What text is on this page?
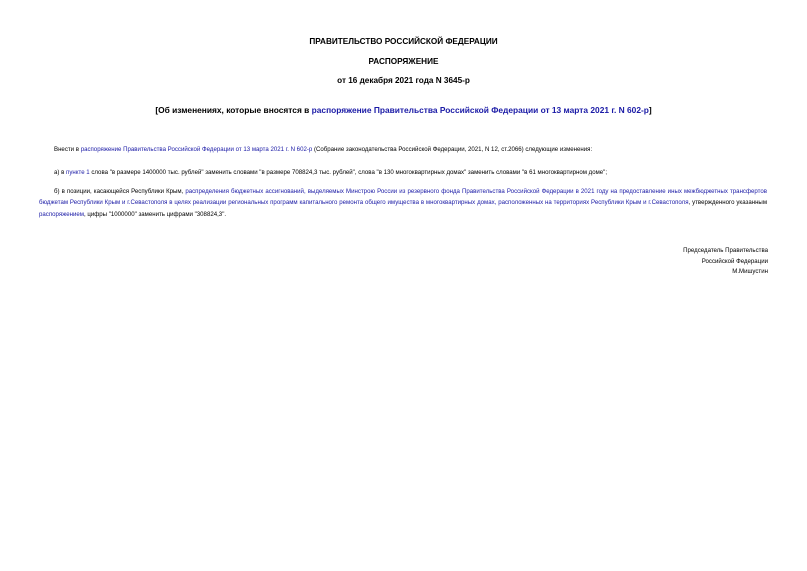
ПРАВИТЕЛЬСТВО РОССИЙСКОЙ ФЕДЕРАЦИИ
РАСПОРЯЖЕНИЕ
от 16 декабря 2021 года N 3645-р
[Об изменениях, которые вносятся в распоряжение Правительства Российской Федерации от 13 марта 2021 г. N 602-р]
Внести в распоряжение Правительства Российской Федерации от 13 марта 2021 г. N 602-р (Собрание законодательства Российской Федерации, 2021, N 12, ст.2066) следующие изменения:
а) в пункте 1 слова "в размере 1400000 тыс. рублей" заменить словами "в размере 708824,3 тыс. рублей", слова "в 130 многоквартирных домах" заменить словами "в 61 многоквартирном доме";
б) в позиции, касающейся Республики Крым, распределения бюджетных ассигнований, выделяемых Минстрою России из резервного фонда Правительства Российской Федерации в 2021 году на предоставление иных межбюджетных трансфертов бюджетам Республики Крым и г.Севастополя в целях реализации региональных программ капитального ремонта общего имущества в многоквартирных домах, расположенных на территориях Республики Крым и г.Севастополя, утвержденного указанным распоряжением, цифры "1000000" заменить цифрами "308824,3".
Председатель Правительства
Российской Федерации
М.Мишустин
